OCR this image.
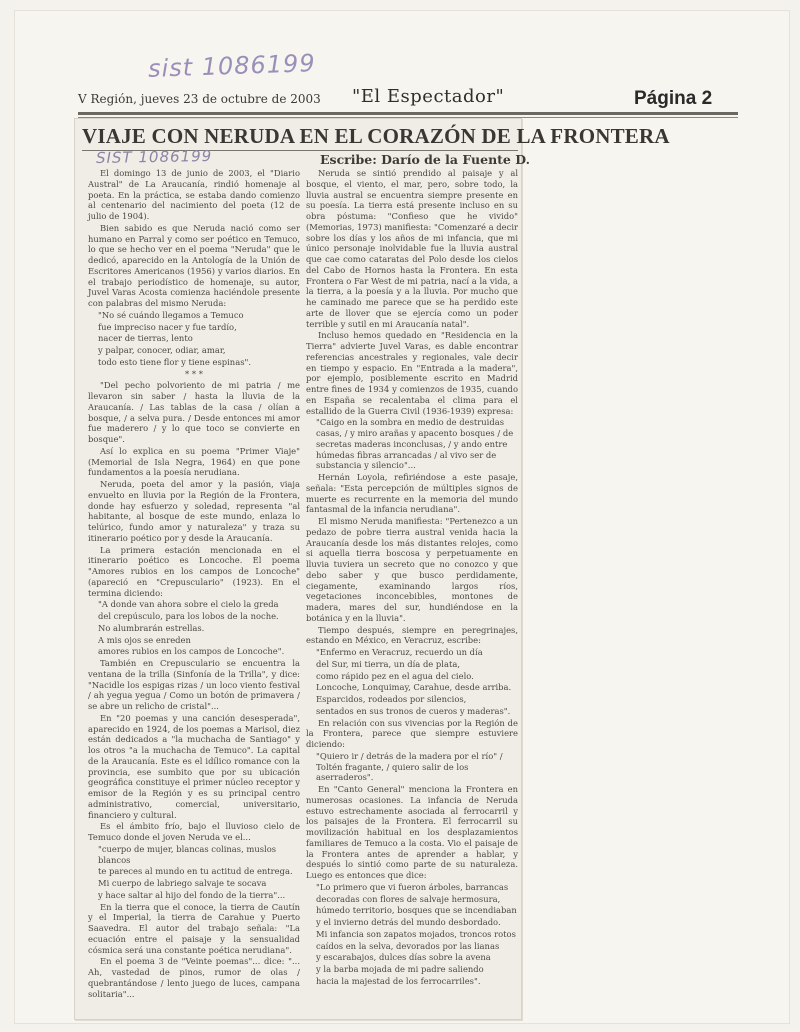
sist 1086199
V Región, jueves 23 de octubre de 2003 "El Espectador"	Página 2
VIAJE CON NERUDA EN EL CORAZÓN DE LA FRONTERA
SIST 1086199	Escribe: Darío de la Fuente D.

El domingo 13 de junio de 2003, el "Diario Austral" de La Araucanía, rindió homenaje al poeta. En la práctica, se estaba dando comienzo al centenario del nacimiento del poeta (12 de julio de 1904).

Bien sabido es que Neruda nació como ser humano en Parral y como ser poético en Temuco, lo que se hecho ver en el poema "Neruda" que le dedicó, aparecido en la Antología de la Unión de Escritores Americanos (1956) y varios diarios. En el trabajo periodístico de homenaje, su autor, Juvel Varas Acosta comienza haciéndole presente con palabras del mismo Neruda:

"No sé cuándo llegamos a Temuco

fue impreciso nacer y fue tardío,

nacer de tierras, lento

y palpar, conocer, odiar, amar,

todo esto tiene flor y tiene espinas".

* * *

"Del pecho polvoriento de mi patria / me llevaron sin saber / hasta la lluvia de la Araucanía. / Las tablas de la casa / olían a bosque, / a selva pura. / Desde entonces mi amor fue maderero / y lo que toco se convierte en bosque".

Así lo explica en su poema "Primer Viaje" (Memorial de Isla Negra, 1964) en que pone fundamentos a la poesía nerudiana.

Neruda, poeta del amor y la pasión, viaja envuelto en lluvia por la Región de la Frontera, donde hay esfuerzo y soledad, representa "al habitante, al bosque de este mundo, enlaza lo telúrico, fundo amor y naturaleza" y traza su itinerario poético por y desde la Araucanía.

La primera estación mencionada en el itinerario poético es Loncoche. El poema "Amores rubios en los campos de Loncoche" (apareció en "Crepusculario" (1923). En el termina diciendo:

"A donde van ahora sobre el cielo la greda

del crepúsculo, para los lobos de la noche.

No alumbrarán estrellas.

A mis ojos se enreden

amores rubios en los campos de Loncoche".

También en Crepusculario se encuentra la ventana de la trilla (Sinfonía de la Trilla", y dice: "Nacidle los espigas rizas / un loco viento festival / ah yegua yegua / Como un botón de primavera / se abre un relicho de cristal"...

En "20 poemas y una canción desesperada", aparecido en 1924, de los poemas a Marisol, diez están dedicados a "la muchacha de Santiago" y los otros "a la muchacha de Temuco". La capital de la Araucanía. Este es el idílico romance con la provincia, ese sumbito que por su ubicación geográfica constituye el primer núcleo receptor y emisor de la Región y es su principal centro administrativo, comercial, universitario, financiero y cultural.

Es el ámbito frío, bajo el lluvioso cielo de Temuco donde el joven Neruda ve el...

"cuerpo de mujer, blancas colinas, muslos blancos

te pareces al mundo en tu actitud de entrega.

Mi cuerpo de labriego salvaje te socava

y hace saltar al hijo del fondo de la tierra"...

En la tierra que el conoce, la tierra de Cautín y el Imperial, la tierra de Carahue y Puerto Saavedra. El autor del trabajo señala: "La ecuación entre el paisaje y la sensualidad cósmica será una constante poética nerudiana".

En el poema 3 de "Veinte poemas"... dice: "... Ah, vastedad de pinos, rumor de olas / quebrantándose / lento juego de luces, campana solitaria"...

Neruda se sintió prendido al paisaje y al bosque, el viento, el mar, pero, sobre todo, la lluvia austral se encuentra siempre presente en su poesía. La tierra está presente incluso en su obra póstuma: "Confieso que he vivido" (Memorias, 1973) manifiesta: "Comenzaré a decir sobre los días y los años de mi infancia, que mi único personaje inolvidable fue la lluvia austral que cae como cataratas del Polo desde los cielos del Cabo de Hornos hasta la Frontera. En esta Frontera o Far West de mi patria, nací a la vida, a la tierra, a la poesía y a la lluvia. Por mucho que he caminado me parece que se ha perdido este arte de llover que se ejercía como un poder terrible y sutil en mi Araucanía natal".

Incluso hemos quedado en "Residencia en la Tierra" advierte Juvel Varas, es dable encontrar referencias ancestrales y regionales, vale decir en tiempo y espacio. En "Entrada a la madera", por ejemplo, posiblemente escrito en Madrid entre fines de 1934 y comienzos de 1935, cuando en España se recalentaba el clima para el estallido de la Guerra Civil (1936-1939) expresa:

"Caigo en la sombra en medio de destruidas casas, / y miro arañas y apacento bosques / de secretas maderas inconclusas, / y ando entre húmedas fibras arrancadas / al vivo ser de substancia y silencio"...

Hernán Loyola, refiriéndose a este pasaje, señala: "Esta percepción de múltiples signos de muerte es recurrente en la memoria del mundo fantasmal de la infancia nerudiana".

El mismo Neruda manifiesta: "Pertenezco a un pedazo de pobre tierra austral venida hacia la Araucanía desde los más distantes relojes, como si aquella tierra boscosa y perpetuamente en lluvia tuviera un secreto que no conozco y que debo saber y que busco perdidamente, ciegamente, examinando largos ríos, vegetaciones inconcebibles, montones de madera, mares del sur, hundiéndose en la botánica y en la lluvia".

Tiempo después, siempre en peregrinajes, estando en México, en Veracruz, escribe:

"Enfermo en Veracruz, recuerdo un día

del Sur, mi tierra, un día de plata,

como rápido pez en el agua del cielo.

Loncoche, Lonquimay, Carahue, desde arriba.

Esparcidos, rodeados por silencios,

sentados en sus tronos de cueros y maderas".

En relación con sus vivencias por la Región de la Frontera, parece que siempre estuviere diciendo:

"Quiero ir / detrás de la madera por el río" / Toltén fragante, / quiero salir de los aserraderos".

En "Canto General" menciona la Frontera en numerosas ocasiones. La infancia de Neruda estuvo estrechamente asociada al ferrocarril y los paisajes de la Frontera. El ferrocarril su movilización habitual en los desplazamientos familiares de Temuco a la costa. Vio el paisaje de la Frontera antes de aprender a hablar, y después lo sintió como parte de su naturaleza. Luego es entonces que dice:

"Lo primero que vi fueron árboles, barrancas

decoradas con flores de salvaje hermosura,

húmedo territorio, bosques que se incendiaban

y el invierno detrás del mundo desbordado.

Mi infancia son zapatos mojados, troncos rotos

caídos en la selva, devorados por las lianas

y escarabajos, dulces días sobre la avena

y la barba mojada de mi padre saliendo

hacia la majestad de los ferrocarriles".
